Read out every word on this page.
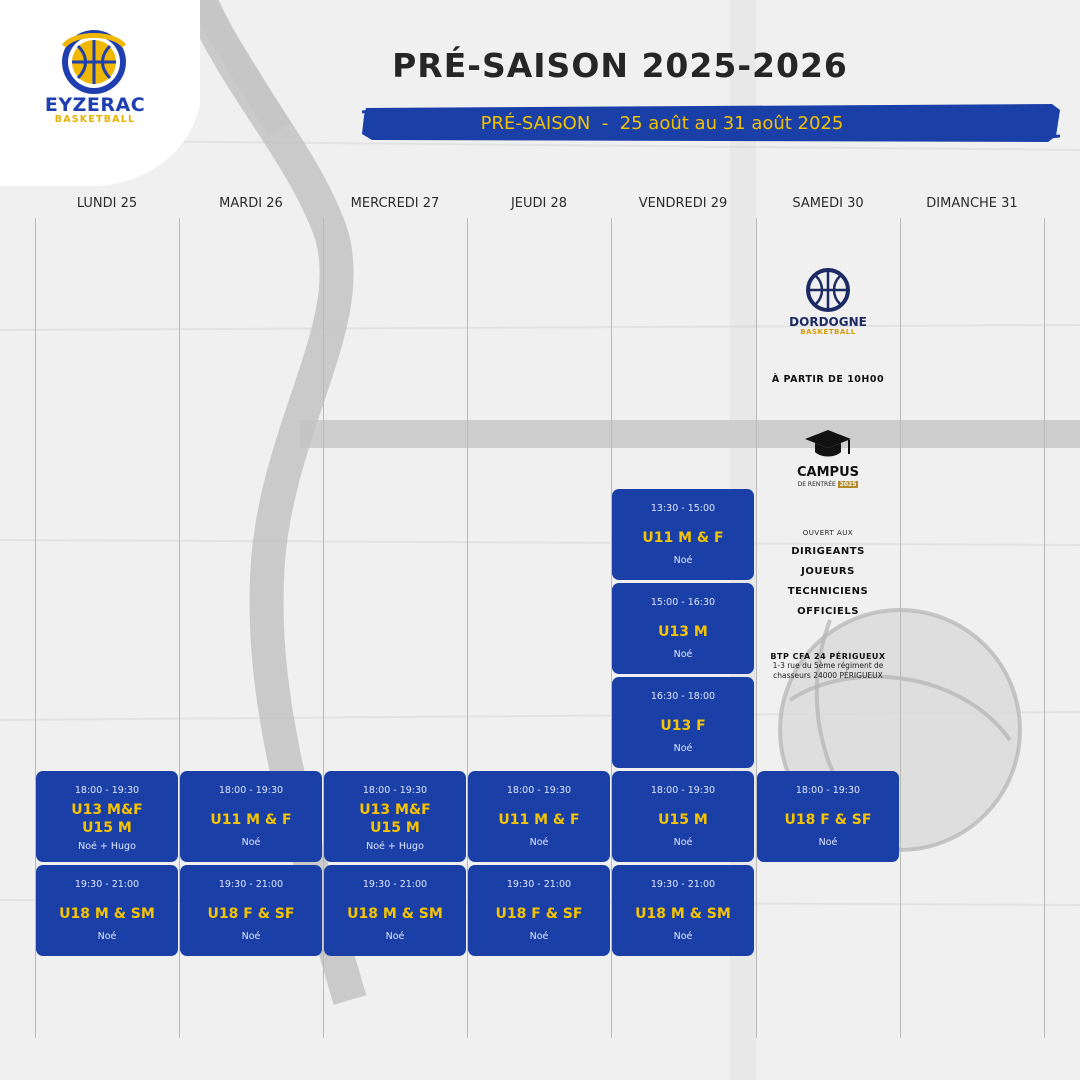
EYZERAC
BASKETBALL
PRÉ-SAISON 2025-2026
PRÉ-SAISON  -  25 août au 31 août 2025
LUNDI 25	MARDI 26	MERCREDI 27	JEUDI 28	VENDREDI 29	SAMEDI 30	DIMANCHE 31
13:30 - 15:00
U11 M & F
Noé
15:00 - 16:30
U13 M
Noé
16:30 - 18:00
U13 F
Noé
18:00 - 19:30
U13 M&F
U15 M
Noé + Hugo
18:00 - 19:30
U11 M & F
Noé
18:00 - 19:30
U13 M&F
U15 M
Noé + Hugo
18:00 - 19:30
U11 M & F
Noé
18:00 - 19:30
U15 M
Noé
18:00 - 19:30
U18 F & SF
Noé
19:30 - 21:00
U18 M & SM
Noé
19:30 - 21:00
U18 F & SF
Noé
19:30 - 21:00
U18 M & SM
Noé
19:30 - 21:00
U18 F & SF
Noé
19:30 - 21:00
U18 M & SM
Noé
DORDOGNE
BASKETBALL
À PARTIR DE 10H00
CAMPUS
DE RENTRÉE 2025
OUVERT AUX
DIRIGEANTS
JOUEURS
TECHNICIENS
OFFICIELS
BTP CFA 24 PÉRIGUEUX
1-3 rue du 5ème régiment de
chasseurs 24000 PÉRIGUEUX
